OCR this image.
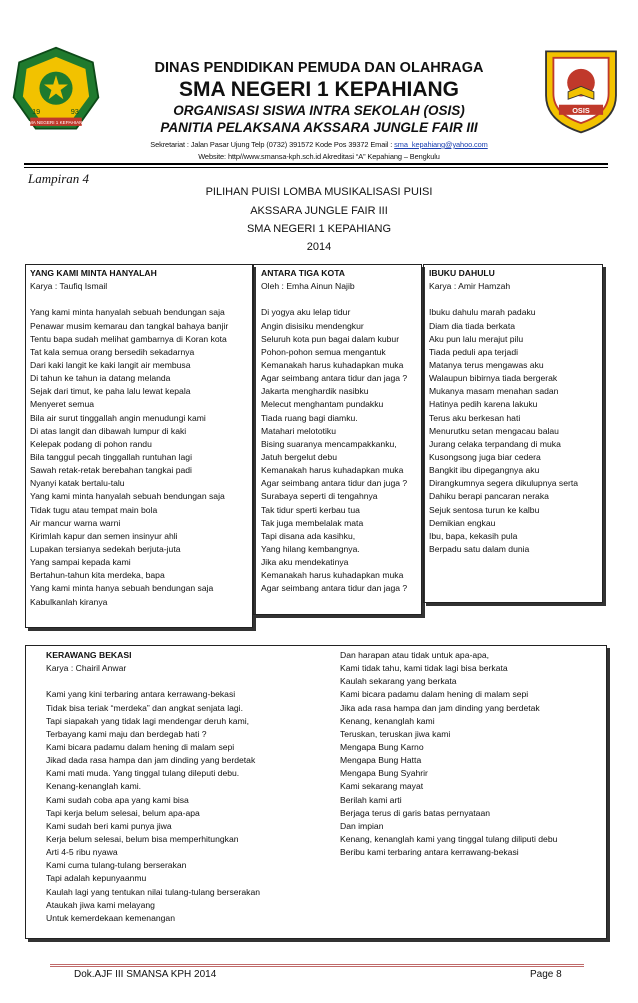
19	93
SMA NEGERI 1 KEPAHIANG
OSIS
DINAS PENDIDIKAN PEMUDA DAN OLAHRAGA
SMA NEGERI 1 KEPAHIANG
ORGANISASI SISWA INTRA SEKOLAH (OSIS)
PANITIA PELAKSANA AKSSARA JUNGLE FAIR III
Sekretariat : Jalan Pasar Ujung Telp (0732) 391572 Kode Pos 39372 Email : sma_kepahiang@yahoo.com
Website: http//www.smansa-kph.sch.id Akreditasi “A” Kepahiang – Bengkulu
Lampiran 4
PILIHAN PUISI LOMBA MUSIKALISASI PUISI
AKSSARA JUNGLE FAIR III
SMA NEGERI 1 KEPAHIANG
2014
YANG KAMI MINTA HANYALAH
Karya : Taufiq Ismail
Yang kami minta hanyalah sebuah bendungan saja
Penawar musim kemarau dan tangkal bahaya banjir
Tentu bapa sudah melihat gambarnya di Koran kota
Tat kala semua orang bersedih sekadarnya
Dari kaki langit ke kaki langit air membusa
Di tahun ke tahun ia datang melanda
Sejak dari timut, ke paha lalu lewat kepala
Menyeret semua
Bila air surut tinggallah angin menudungi kami
Di atas langit dan dibawah lumpur di kaki
Kelepak podang di pohon randu
Bila tanggul pecah tinggallah runtuhan lagi
Sawah retak-retak berebahan tangkai padi
Nyanyi katak bertalu-talu
Yang kami minta hanyalah sebuah bendungan saja
Tidak tugu atau tempat main bola
Air mancur warna warni
Kirimlah kapur dan semen insinyur ahli
Lupakan tersianya sedekah berjuta-juta
Yang sampai kepada kami
Bertahun-tahun kita merdeka, bapa
Yang kami minta hanya sebuah bendungan saja
Kabulkanlah kiranya
ANTARA TIGA KOTA
Oleh : Emha Ainun Najib
Di yogya aku lelap tidur
Angin disisiku mendengkur
Seluruh kota pun bagai dalam kubur
Pohon-pohon semua mengantuk
Kemanakah harus kuhadapkan muka
Agar seimbang antara tidur dan jaga ?
Jakarta menghardik nasibku
Melecut menghantam pundakku
Tiada ruang bagi diamku.
Matahari melototiku
Bising suaranya mencampakkanku,
Jatuh bergelut debu
Kemanakah harus kuhadapkan muka
Agar seimbang antara tidur dan juga ?
Surabaya seperti di tengahnya
Tak tidur sperti kerbau tua
Tak juga membelalak mata
Tapi disana ada kasihku,
Yang hilang kembangnya.
Jika aku mendekatinya
Kemanakah harus kuhadapkan muka
Agar seimbang antara tidur dan jaga ?
IBUKU DAHULU
Karya : Amir Hamzah
Ibuku dahulu marah padaku
Diam dia tiada berkata
Aku pun lalu merajut pilu
Tiada peduli apa terjadi
Matanya terus mengawas aku
Walaupun bibirnya tiada bergerak
Mukanya masam menahan sadan
Hatinya pedih karena lakuku
Terus aku berkesan hati
Menurutku setan mengacau balau
Jurang celaka terpandang di muka
Kusongsong juga biar cedera
Bangkit ibu dipegangnya aku
Dirangkumnya segera dikulupnya serta
Dahiku berapi pancaran neraka
Sejuk sentosa turun ke kalbu
Demikian engkau
Ibu, bapa, kekasih pula
Berpadu satu dalam dunia
KERAWANG BEKASI
Karya : Chairil Anwar
Kami yang kini terbaring antara kerrawang-bekasi
Tidak bisa teriak “merdeka” dan angkat senjata lagi.
Tapi siapakah yang tidak lagi mendengar deruh kami,
Terbayang kami maju dan berdegab hati ?
Kami bicara padamu dalam hening di malam sepi
Jikad dada rasa hampa dan jam dinding yang berdetak
Kami mati muda. Yang tinggal tulang dileputi debu.
Kenang-kenanglah kami.
Kami sudah coba apa yang kami bisa
Tapi kerja belum selesai, belum apa-apa
Kami sudah beri kami punya jiwa
Kerja belum selesai, belum bisa memperhitungkan
Arti 4-5 ribu nyawa
Kami cuma tulang-tulang berserakan
Tapi adalah kepunyaanmu
Kaulah lagi yang tentukan nilai tulang-tulang berserakan
Ataukah jiwa kami melayang
Untuk kemerdekaan kemenangan
Dan harapan atau tidak untuk apa-apa,
Kami tidak tahu, kami tidak lagi bisa berkata
Kaulah sekarang yang berkata
Kami bicara padamu dalam hening di malam sepi
Jika ada rasa hampa dan jam dinding yang berdetak
Kenang, kenanglah kami
Teruskan, teruskan jiwa kami
Mengapa Bung Karno
Mengapa Bung Hatta
Mengapa Bung Syahrir
Kami sekarang mayat
Berilah kami arti
Berjaga terus di garis batas pernyataan
Dan impian
Kenang, kenanglah kami yang tinggal tulang diliputi debu
Beribu kami terbaring antara kerrawang-bekasi
Dok.AJF III SMANSA KPH 2014	Page 8
